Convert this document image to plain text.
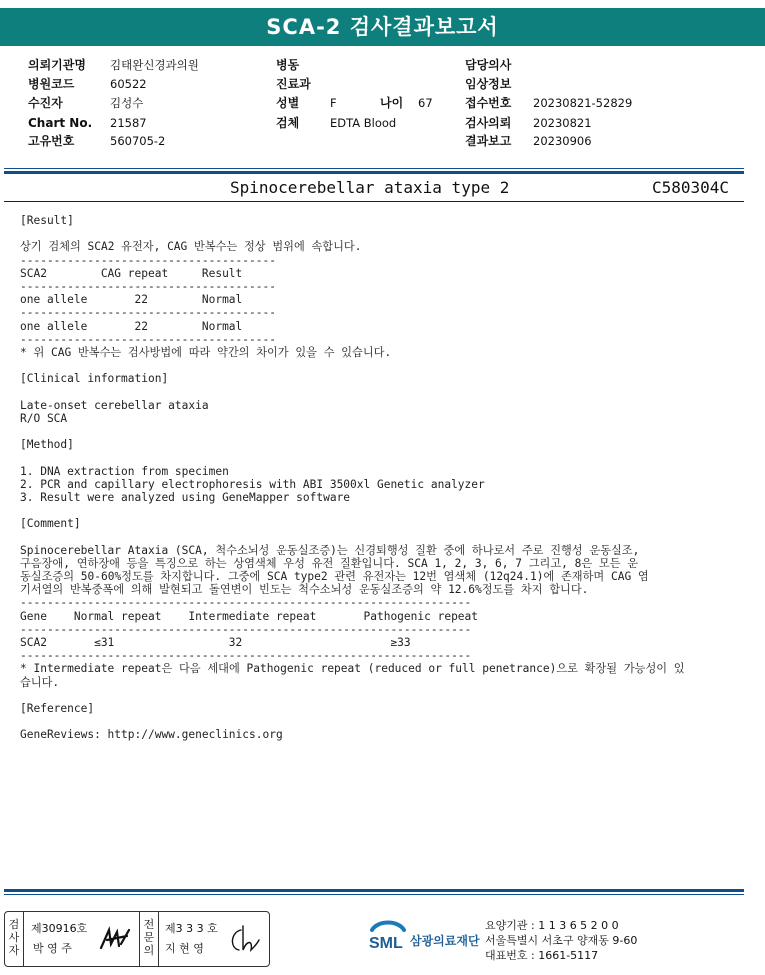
SCA-2 검사결과보고서
의뢰기관명 김태완신경과의원
병원코드	60522
수진자	김성수
Chart No. 21587
고유번호	560705-2
병동
진료과
성별	F	나이 67
검체	EDTA Blood
담당의사
임상정보
접수번호 20230821-52829
검사의뢰 20230821
결과보고 20230906
Spinocerebellar ataxia type 2	C580304C
[Result]
상기 검체의 SCA2 유전자, CAG 반복수는 정상 범위에 속합니다.
--------------------------------------
SCA2        CAG repeat     Result
--------------------------------------
one allele       22        Normal
--------------------------------------
one allele       22        Normal
--------------------------------------
* 위 CAG 반복수는 검사방법에 따라 약간의 차이가 있을 수 있습니다.
[Clinical information]
Late-onset cerebellar ataxia
R/O SCA
[Method]
1. DNA extraction from specimen
2. PCR and capillary electrophoresis with ABI 3500xl Genetic analyzer
3. Result were analyzed using GeneMapper software
[Comment]
Spinocerebellar Ataxia (SCA, 척수소뇌성 운동실조증)는 신경퇴행성 질환 중에 하나로서 주로 진행성 운동실조,
구음장애, 연하장애 등을 특징으로 하는 상염색체 우성 유전 질환입니다. SCA 1, 2, 3, 6, 7 그리고, 8은 모든 운
동실조증의 50-60%정도를 차지합니다. 그중에 SCA type2 관련 유전자는 12번 염색체 (12q24.1)에 존재하며 CAG 염
기서열의 반복중폭에 의해 발현되고 돌연변이 빈도는 척수소뇌성 운동실조증의 약 12.6%정도를 차지 합니다.
-------------------------------------------------------------------
Gene    Normal repeat    Intermediate repeat       Pathogenic repeat
-------------------------------------------------------------------
SCA2       ≤31                 32                      ≥33
-------------------------------------------------------------------
* Intermediate repeat은 다음 세대에 Pathogenic repeat (reduced or full penetrance)으로 확장될 가능성이 있
습니다.
[Reference]
GeneReviews: http://www.geneclinics.org
검
사
자
제30916호
박 영 주
전
문
의
제3 3 3 호
지 현 영	SML 삼광의료재단
요양기관 : 1 1 3 6 5 2 0 0
서울특별시 서초구 양재동 9-60
대표번호 : 1661-5117
